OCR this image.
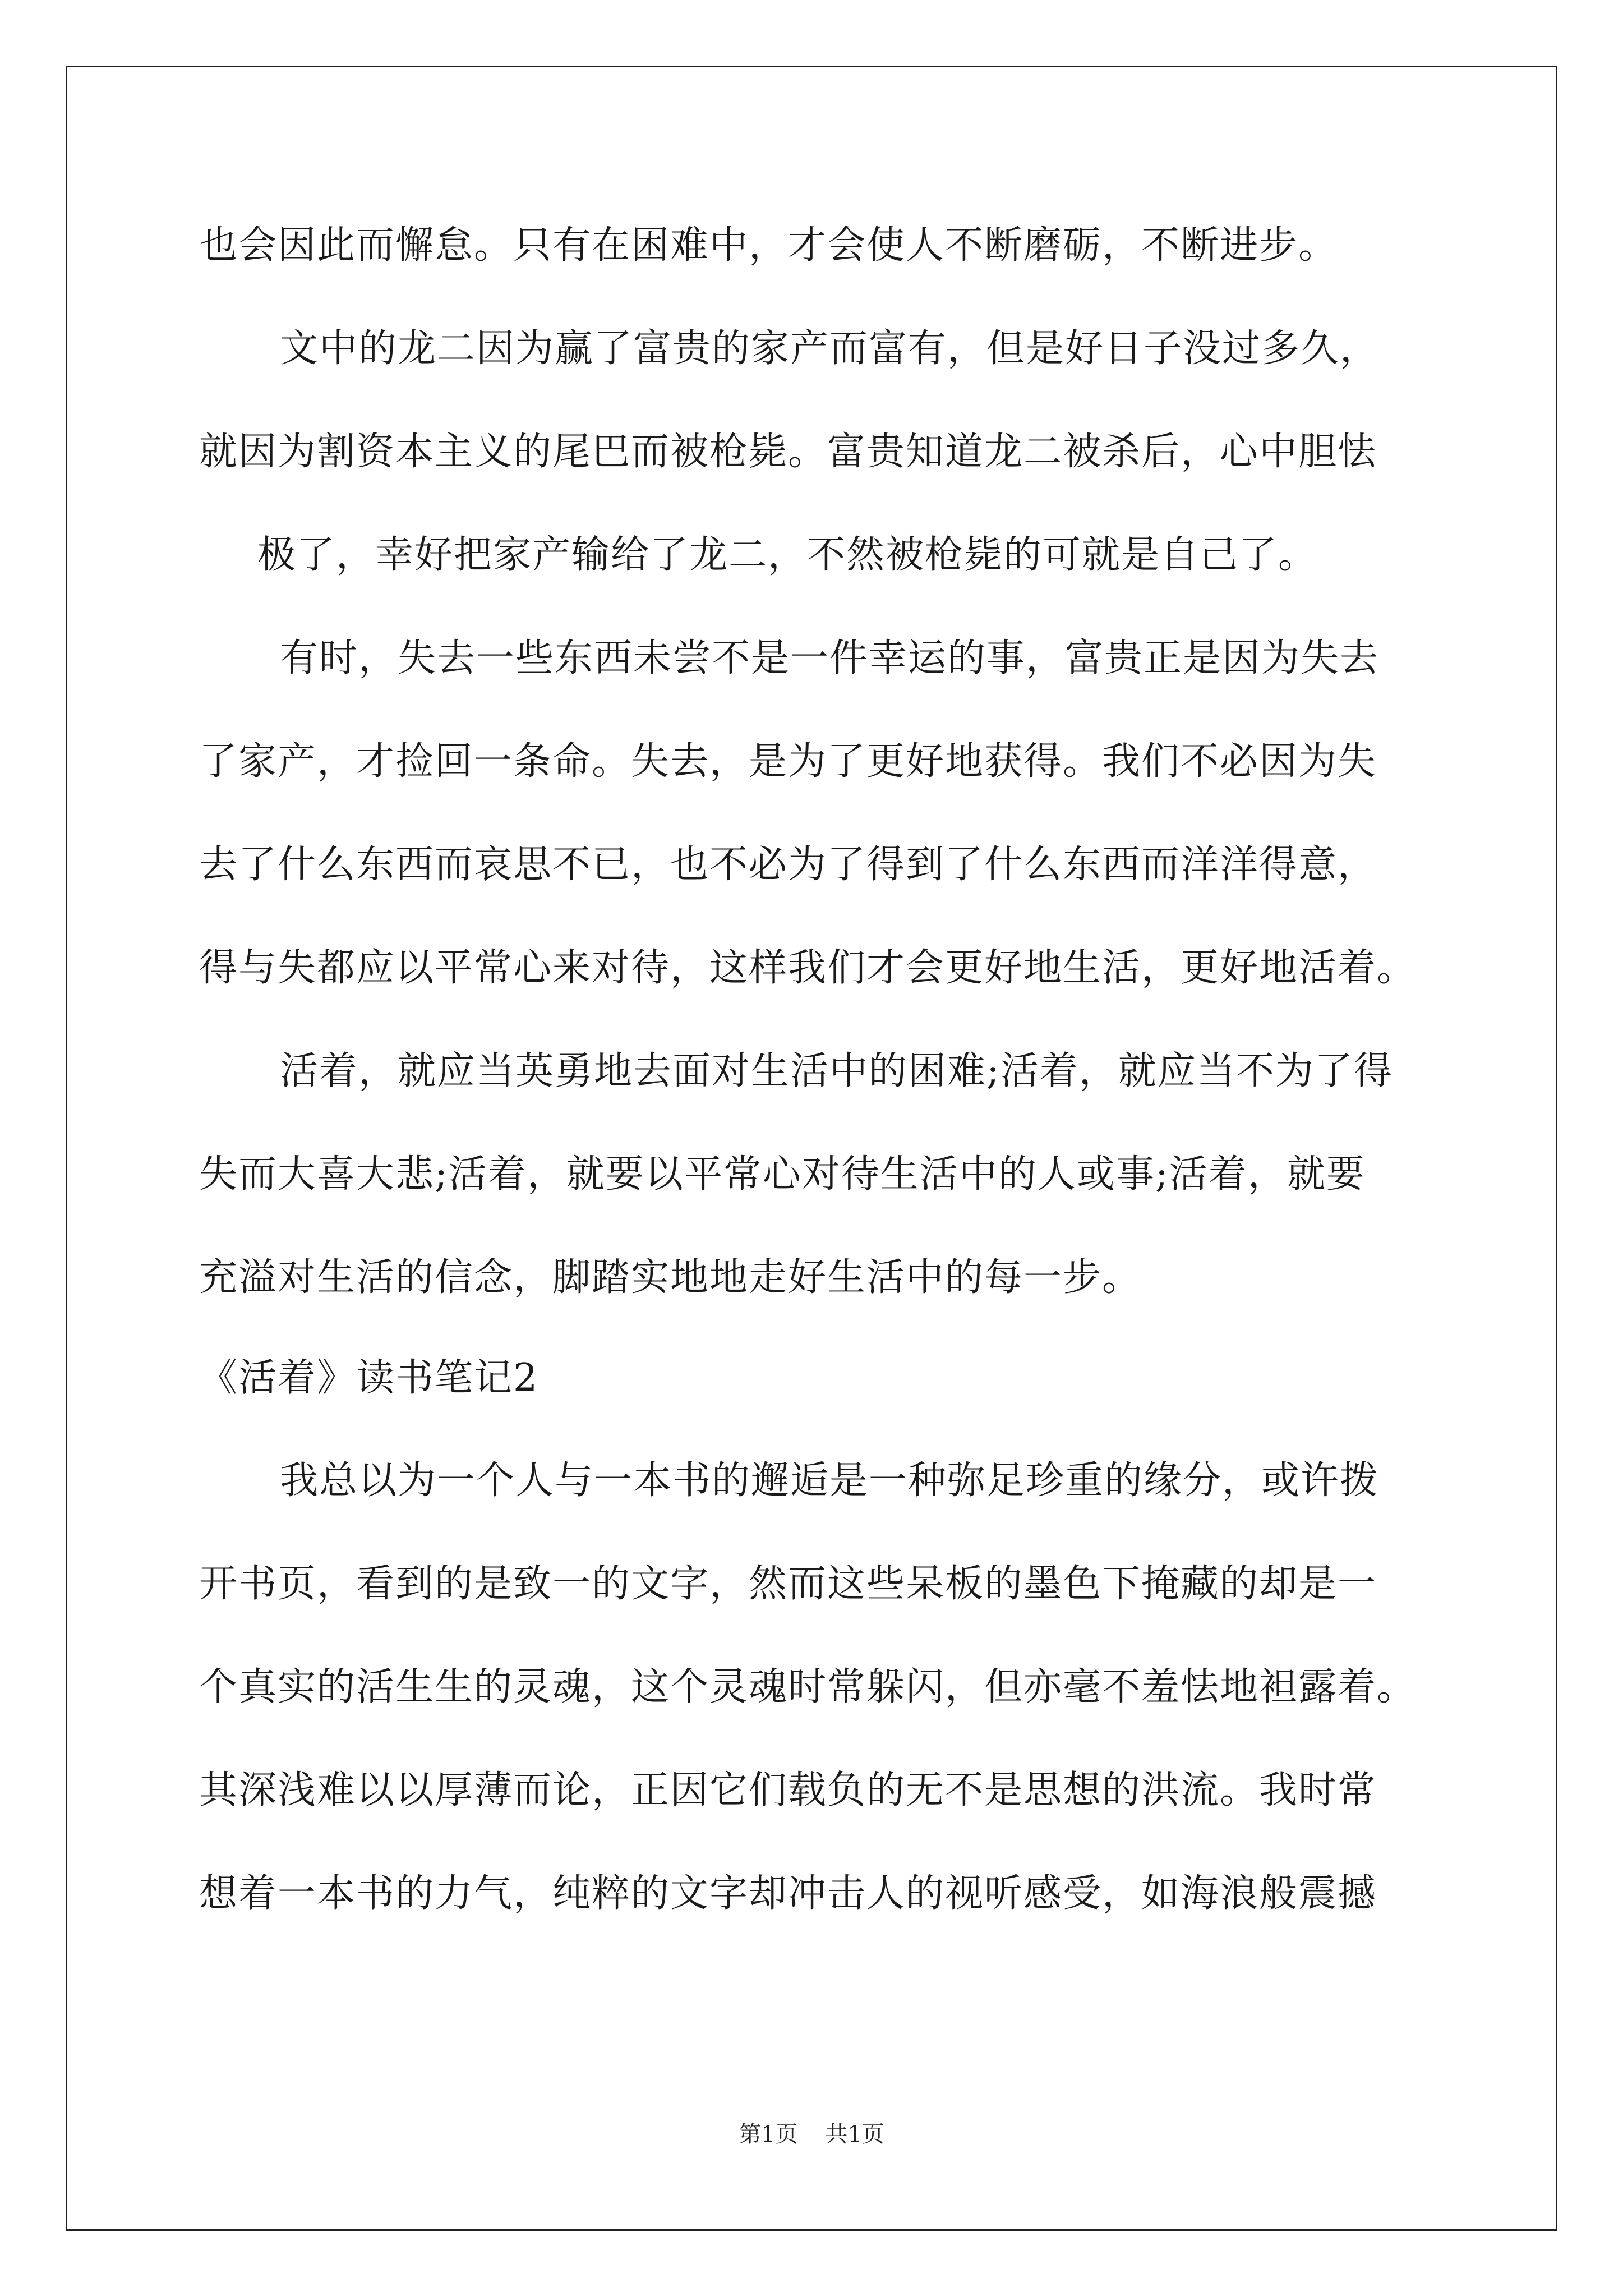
也会因此而懈怠。只有在困难中，才会使人不断磨砺，不断进步。
文中的龙二因为赢了富贵的家产而富有，但是好日子没过多久，
就因为割资本主义的尾巴而被枪毙。富贵知道龙二被杀后，心中胆怯
极了，幸好把家产输给了龙二，不然被枪毙的可就是自己了。
有时，失去一些东西未尝不是一件幸运的事，富贵正是因为失去
了家产，才捡回一条命。失去，是为了更好地获得。我们不必因为失
去了什么东西而哀思不已，也不必为了得到了什么东西而洋洋得意，
得与失都应以平常心来对待，这样我们才会更好地生活，更好地活着。
活着，就应当英勇地去面对生活中的困难;活着，就应当不为了得
失而大喜大悲;活着，就要以平常心对待生活中的人或事;活着，就要
充溢对生活的信念，脚踏实地地走好生活中的每一步。
《活着》读书笔记2
我总以为一个人与一本书的邂逅是一种弥足珍重的缘分，或许拨
开书页，看到的是致一的文字，然而这些呆板的墨色下掩藏的却是一
个真实的活生生的灵魂，这个灵魂时常躲闪，但亦毫不羞怯地袒露着。
其深浅难以以厚薄而论，正因它们载负的无不是思想的洪流。我时常
想着一本书的力气，纯粹的文字却冲击人的视听感受，如海浪般震撼
第1页 共1页
